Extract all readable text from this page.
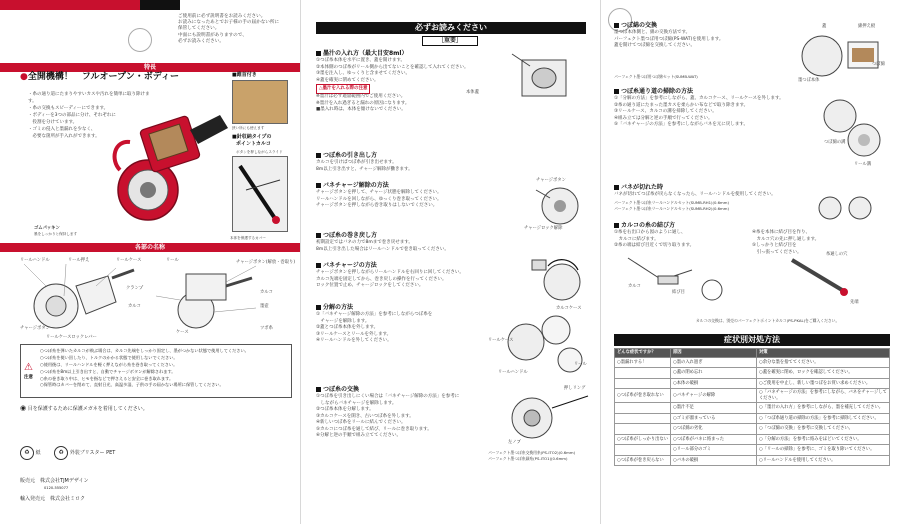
ご使用前に必ず説明書をお読みください。
お読みになったあとでお子様の手の届かない所に
保管してください。
中面にも説明書がありますので、
必ずお読みください。
特長
●全開機構！　フルオープン・ボディー
・糸の通り道にたまりやすいカスや汚れを簡単に取り除けます。
・糸の交換もスピーディーにできます。
・ボディーを3つの部品に分け、それぞれに
　役割を分けています。
・ゴミの侵入と墨漏れを少なく、
　必要な箇所が手入れができます。
ゴムパッキン
墨をしっかりと保持します
■錐首付き
狭い所にも使えます
■針収納タイプの
ポイントカルコ
ボタンを押しながらスライド
本体を保護するカバー
各部の名称
リールハンドル	リール押え	リールケース
クランプ
カルコ
チャージボタン
リールケースロックレバー
リール	チャージボタン(解放・巻取り)
カルコ
墨壺
ケース
ツボ糸
⚠
注意

○つぼ糸を弾いたカルコが飛ぶ場合は、カルコ先端をしっかり固定し、墨がつかない状態で使用してください。

○つぼ糸を使い回したり、トルクのかかる状態で使用しないでください。

○使用後は、リールハンドルを軽く押えながら糸を巻き取ってください。

○つぼ糸を8m以上引き出すと、自動でチャージボタンが解除されます。

○糸の巻き取り中は、ヒモを指などで押さえると安全に巻き取れます。

○保管時はカバーを閉めて、直射日光、高温多湿、子供の手の届かない場所に保管してください。

◉ 目を保護するために保護メガネを着用してください。
♻ 紙	♻ 外装ブリスター PET
販売元　 株式会社TJMデザイン
0120-555077
輸入発売元　 株式会社ミロク
必ずお読みください
［重要］
墨汁の入れ方（最大目安8ml）
①つぼ糸本体を水平に置き、蓋を開けます。
②本体側のつぼ糸がリール側から出てないことを確認して入れてください。
③墨を注入し、ゆっくりと含ませてください。
④蓋を確実に閉めてください。
△墨汁を入れる際の注意
※墨汁は必ず適量範囲内でご使用ください。
※墨汁を入れ過ぎると漏れの原因になります。
■墨入れ時は、本体を傾けないでください。
本体蓋
つぼ糸の引き出し方
カルコを引けばつぼ糸が引き出せます。
8m以上引き出すと、チャージ解除が働きます。
バネチャージ解除の方法
チャージボタンを押して、チャージ状態を解除してください。
リールハンドルを回しながら、ゆっくり巻き取ってください。
チャージボタンを押しながら巻き取りはしないでください。
チャージボタン
チャージロック解除
つぼ糸の巻き戻し方
初期設定ではバネの力で8mまで巻き戻せます。
8m以上引き出した場合はリールハンドルで巻き取ってください。
バネチャージの方法
チャージボタンを押しながらリールハンドルを右回りに回してください。
カルコ先端を固定してから、巻き戻しの操作を行ってください。
ロック位置で止め、チャージロックをしてください。
分解の方法
①「バネチャージ解除の方法」を参考にしながらつぼ糸を
　チャージを解除します。
②蓋とつぼ糸本体を外します。
③リールケースとリールを外します。
④リールハンドルを外してください。
カルコケース
リールケース
リール
リールハンドル
つぼ糸の交換
①つぼ糸を引き出しにくい場合は「バネチャージ解除の方法」を参考に
　しながらバネチャージを解除します。
②つぼ糸本体を分解します。
③カルコケースを開き、古いつぼ糸を外します。
④新しいつぼ糸をリールに結んでください。
⑤カルコにつぼ糸を通して結び、リールに巻き取ります。
⑥分解と逆の手順で組み立ててください。
押しリング
左ノブ
パーフェクト墨つぼ糸交換用糸(PS-ITO2)(0.6mm)
パーフェクト墨つぼ糸細糸(PS-ITO1)(0.6mm)
つぼ綿の交換
墨つぼ本体側と、綿の交換方法です。
パーフェクト墨つぼ用つぼ綿(PS-WAT)を使用します。
蓋を開けてつぼ綿を交換してください。
蓋	綿押え板
つぼ綿
墨つぼ本体
パーフェクト墨つぼ用つぼ綿セット(SUMB-WAT)
つぼ糸通り道の掃除の方法
①「分解の方法」を参考にしながら、蓋、カルコケース、リールケースを外します。
②糸の通り道にたまった墨カスを柔らかい布などで取り除きます。
③リールケース、カルコの溝を掃除してください。
④組み立ては分解と逆の手順で行ってください。
⑤「バネチャージの方法」を参考にしながらバネを元に戻します。
つぼ綿の溝
リール溝
バネが切れた時
バネが切れてつぼ糸が戻らなくなったら、リールハンドルを使用してください。
パーフェクト墨つぼ糸リールハンドルセット(SUMB-RH1)(0.6mm)
パーフェクト墨つぼ糸リールハンドルセット(SUMB-RH2)(0.6mm)
カルコの糸の結び方
①糸を右出口から図のように通し、
　カルコに結びます。
②糸の端は結び目近くで切り取ります。
④糸を本体に結び目を作り、
　カルコ穴の先に押し通します。
⑤しっかりと結び目を
　引っ張ってください。
カルコ
結び目
糸通しの穴
先端
カルコの交換は、別売のパーフェクトポイントカルコ(PS-PKAL)をご購入ください。
症状別対処方法
どんな症状ですか？	原因	対策
○墨漏れする！	○墨の入れ過ぎ	○余分な墨を捨ててください。
	○蓋の閉め忘れ	○蓋を確実に閉め、ロックを確認してください。
	○本体の破損	○ご使用を中止し、新しい墨つぼをお買い求めください。
○つぼ糸が巻き取れない	○バネチャージの解除	○「バネチャージの方法」を参考にしながら、バネをチャージしてください。
	○墨汁不足	○「墨汁の入れ方」を参考にしながら、墨を補充してください。
	○ゴミが溜まっている	○「つぼ糸通り道の掃除の方法」を参考に掃除してください。
	○つぼ綿の劣化	○「つぼ綿の交換」を参考に交換してください。
○つぼ糸がしっかり出ない	○つぼ糸がバネに絡まった	○「分解の方法」を参考に絡みをほどいてください。
	○リール部分のゴミ	○「リールの掃除」を参考に、ゴミを取り除いてください。
○つぼ糸が巻き戻らない	○バネの破損	○リールハンドルを使用してください。
